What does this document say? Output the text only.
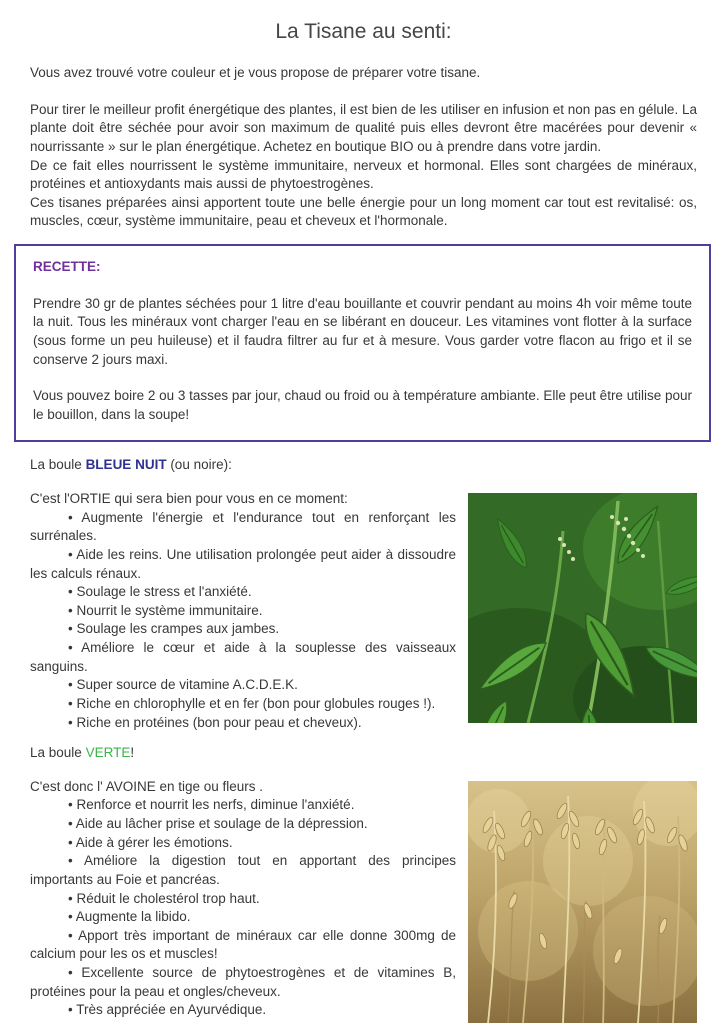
La Tisane au senti:

Vous avez trouvé votre couleur et je vous propose de préparer votre tisane.

Pour tirer le meilleur profit énergétique des plantes, il est bien de les utiliser en infusion et non pas en gélule. La plante doit être séchée pour avoir son maximum de qualité puis elles devront être macérées pour devenir « nourrissante » sur le plan énergétique. Achetez en boutique BIO ou à prendre dans votre jardin.

De ce fait elles nourrissent le système immunitaire, nerveux et hormonal. Elles sont chargées de minéraux, protéines et antioxydants mais aussi de phytoestrogènes.

Ces tisanes préparées ainsi apportent toute une belle énergie pour un long moment car tout est revitalisé: os, muscles, cœur, système immunitaire, peau et cheveux et l'hormonale.

RECETTE:

Prendre 30 gr de plantes séchées pour 1 litre d'eau bouillante et couvrir pendant au moins 4h voir même toute la nuit. Tous les minéraux vont charger l'eau en se libérant en douceur. Les vitamines vont flotter à la surface (sous forme un peu huileuse) et il faudra filtrer au fur et à mesure. Vous garder votre flacon au frigo et il se conserve 2 jours maxi.

Vous pouvez boire 2 ou 3 tasses par jour, chaud ou froid ou à température ambiante. Elle peut être utilise pour le bouillon, dans la soupe!

La boule BLEUE NUIT (ou noire):

C'est l'ORTIE qui sera bien pour vous en ce moment:

• Augmente l'énergie et l'endurance tout en renforçant les surrénales.

• Aide les reins. Une utilisation prolongée peut aider à dissoudre les calculs rénaux.

• Soulage le stress et l'anxiété.

• Nourrit le système immunitaire.

• Soulage les crampes aux jambes.

• Améliore le cœur et aide à la souplesse des vaisseaux sanguins.

• Super source de vitamine A.C.D.E.K.

• Riche en chlorophylle et en fer (bon pour globules rouges !).

• Riche en protéines (bon pour peau et cheveux).

La boule VERTE!

C'est donc l' AVOINE en tige ou fleurs .

• Renforce et nourrit les nerfs, diminue l'anxiété.

• Aide au lâcher prise et soulage de la dépression.

• Aide à gérer les émotions.

• Améliore la digestion tout en apportant des principes importants au Foie et pancréas.

• Réduit le cholestérol trop haut.

• Augmente la libido.

• Apport très important de minéraux car elle donne 300mg de calcium pour les os et muscles!

• Excellente source de phytoestrogènes et de vitamines B, protéines pour la peau et ongles/cheveux.

• Très appréciée en Ayurvédique.
